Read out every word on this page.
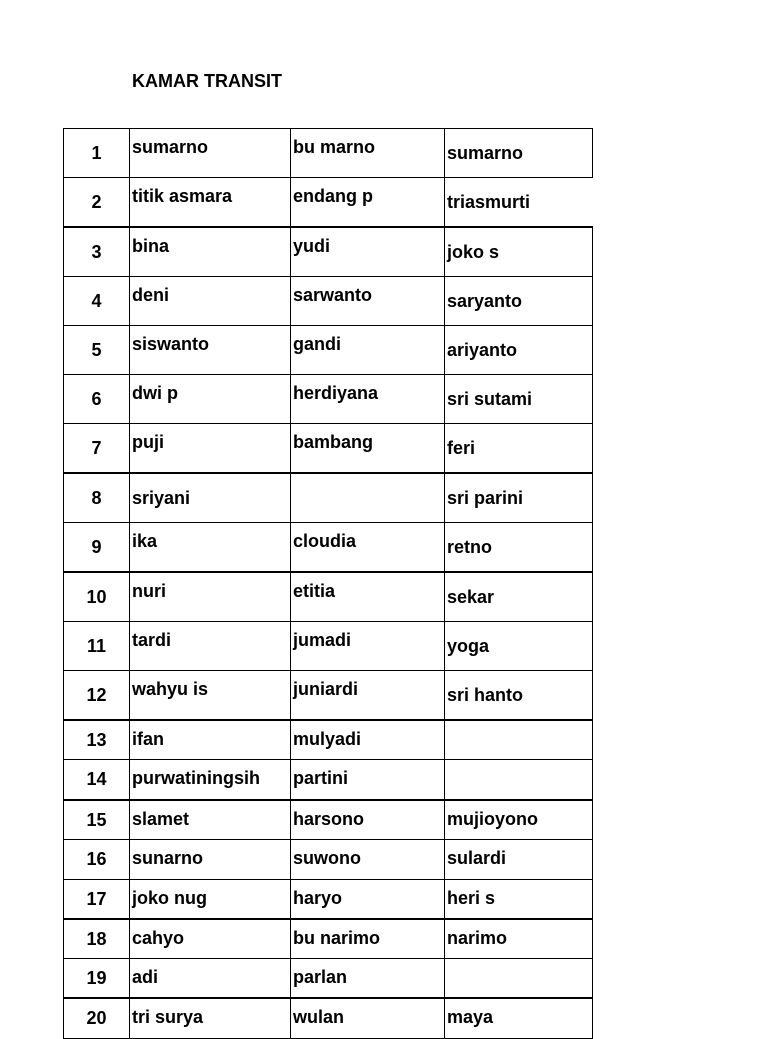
KAMAR TRANSIT
1	sumarno	bu marno	sumarno
2	titik asmara	endang p	triasmurti
3	bina	yudi	joko s
4	deni	sarwanto	saryanto
5	siswanto	gandi	ariyanto
6	dwi p	herdiyana	sri sutami
7	puji	bambang	feri
8	sriyani		sri parini
9	ika	cloudia	retno
10	nuri	etitia	sekar
11	tardi	jumadi	yoga
12	wahyu is	juniardi	sri hanto
13	ifan	mulyadi	
14	purwatiningsih	partini	
15	slamet	harsono	mujioyono
16	sunarno	suwono	sulardi
17	joko nug	haryo	heri s
18	cahyo	bu narimo	narimo
19	adi	parlan	
20	tri surya	wulan	maya
